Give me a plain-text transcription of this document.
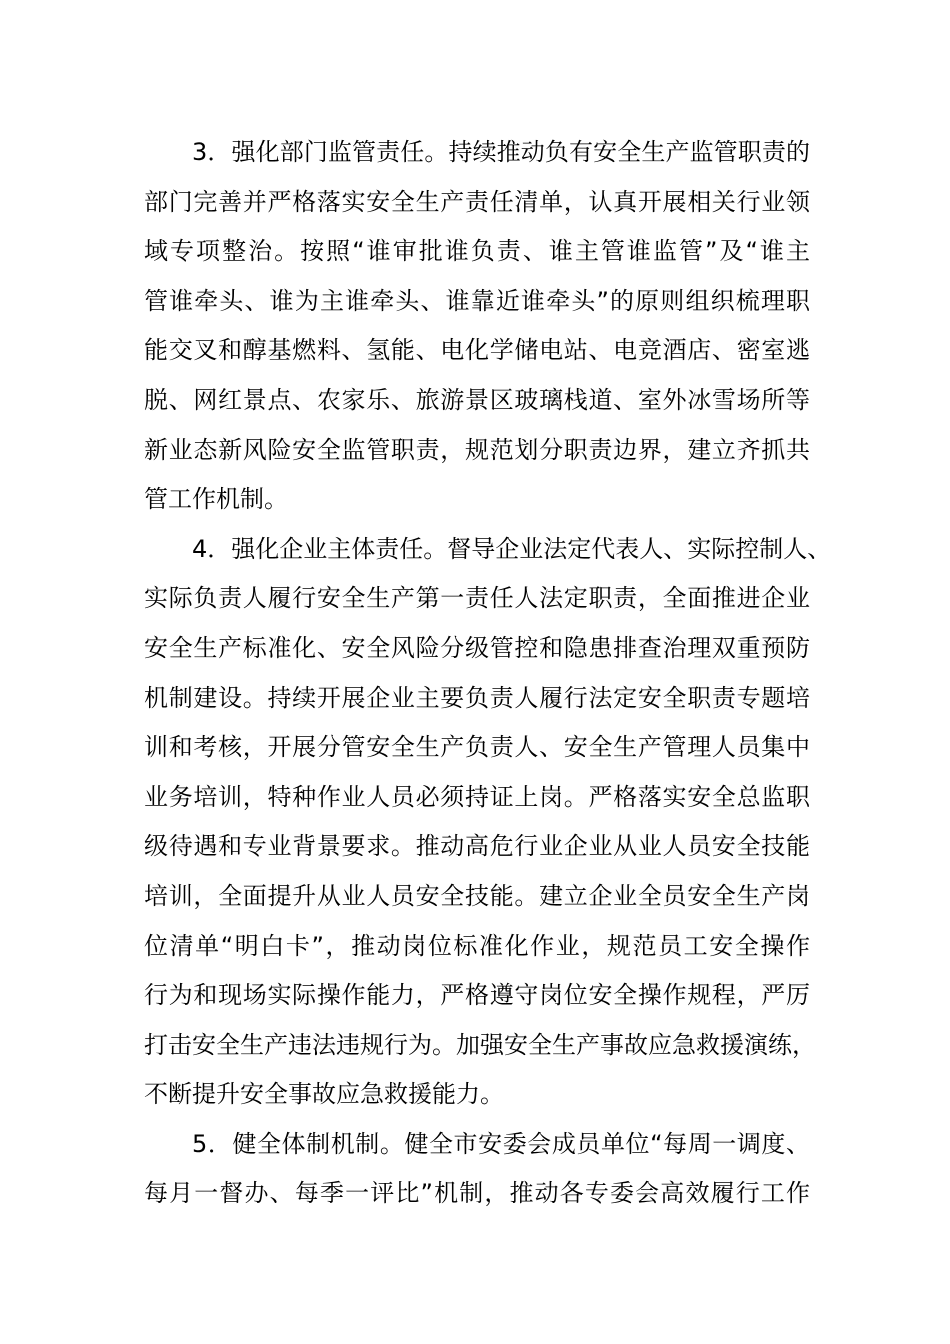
3．强化部门监管责任。持续推动负有安全生产监管职责的
部门完善并严格落实安全生产责任清单，认真开展相关行业领
域专项整治。按照“谁审批谁负责、谁主管谁监管”及“谁主
管谁牵头、谁为主谁牵头、谁靠近谁牵头”的原则组织梳理职
能交叉和醇基燃料、氢能、电化学储电站、电竞酒店、密室逃
脱、网红景点、农家乐、旅游景区玻璃栈道、室外冰雪场所等
新业态新风险安全监管职责，规范划分职责边界，建立齐抓共
管工作机制。
4．强化企业主体责任。督导企业法定代表人、实际控制人、
实际负责人履行安全生产第一责任人法定职责，全面推进企业
安全生产标准化、安全风险分级管控和隐患排查治理双重预防
机制建设。持续开展企业主要负责人履行法定安全职责专题培
训和考核，开展分管安全生产负责人、安全生产管理人员集中
业务培训，特种作业人员必须持证上岗。严格落实安全总监职
级待遇和专业背景要求。推动高危行业企业从业人员安全技能
培训，全面提升从业人员安全技能。建立企业全员安全生产岗
位清单“明白卡”，推动岗位标准化作业，规范员工安全操作
行为和现场实际操作能力，严格遵守岗位安全操作规程，严厉
打击安全生产违法违规行为。加强安全生产事故应急救援演练，
不断提升安全事故应急救援能力。
5．健全体制机制。健全市安委会成员单位“每周一调度、
每月一督办、每季一评比”机制，推动各专委会高效履行工作
